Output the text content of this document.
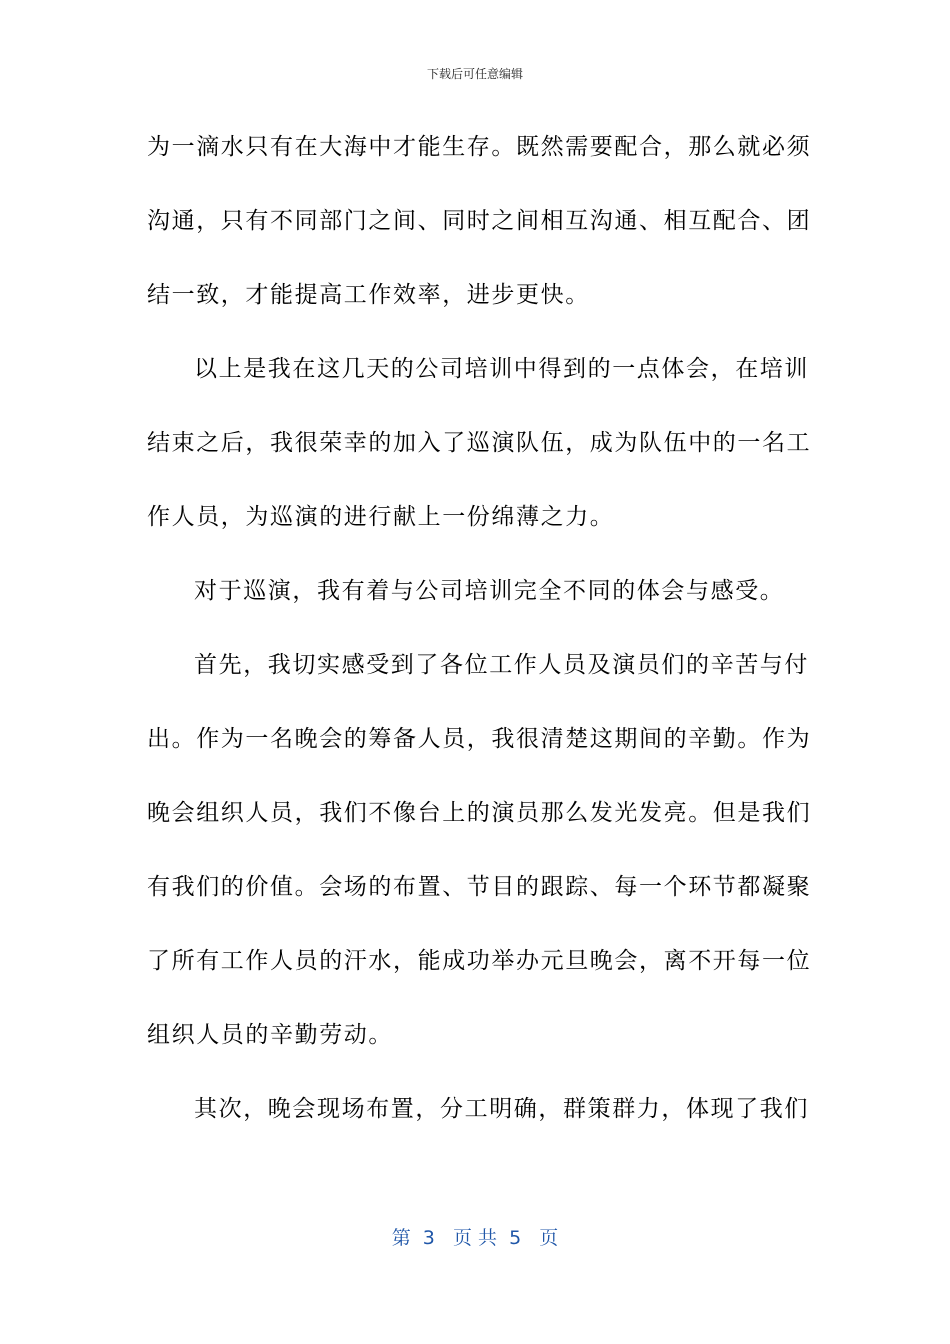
下载后可任意编辑
为一滴水只有在大海中才能生存。既然需要配合，那么就必须
沟通，只有不同部门之间、同时之间相互沟通、相互配合、团
结一致，才能提高工作效率，进步更快。
以上是我在这几天的公司培训中得到的一点体会，在培训
结束之后，我很荣幸的加入了巡演队伍，成为队伍中的一名工
作人员，为巡演的进行献上一份绵薄之力。
对于巡演，我有着与公司培训完全不同的体会与感受。
首先，我切实感受到了各位工作人员及演员们的辛苦与付
出。作为一名晚会的筹备人员，我很清楚这期间的辛勤。作为
晚会组织人员，我们不像台上的演员那么发光发亮。但是我们
有我们的价值。会场的布置、节目的跟踪、每一个环节都凝聚
了所有工作人员的汗水，能成功举办元旦晚会，离不开每一位
组织人员的辛勤劳动。
其次，晚会现场布置，分工明确，群策群力，体现了我们
第  3   页 共  5   页
